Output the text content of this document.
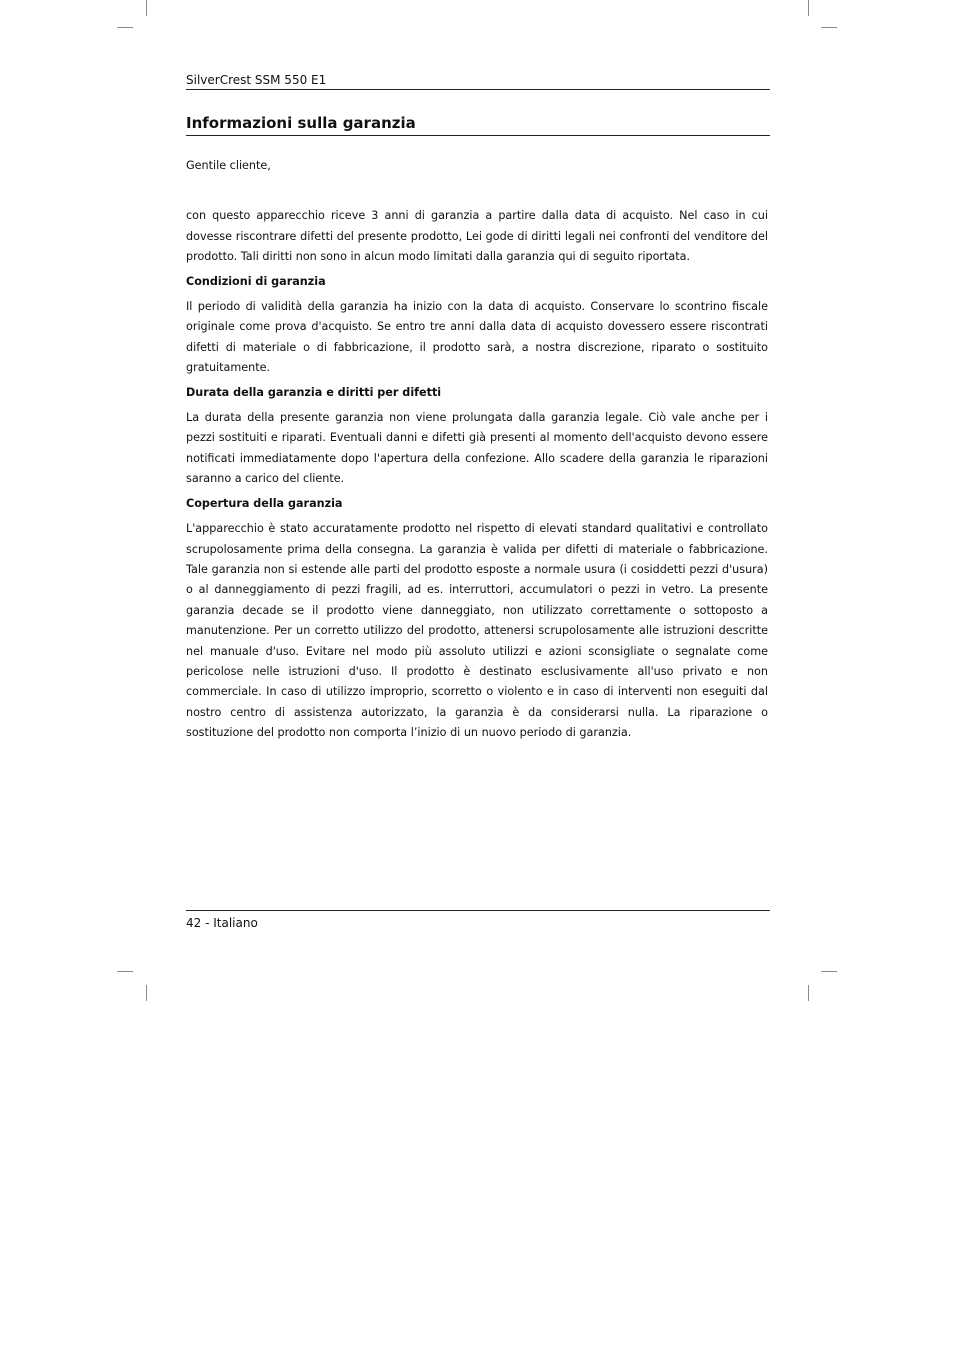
SilverCrest SSM 550 E1
Informazioni sulla garanzia

Gentile cliente,

con questo apparecchio riceve 3 anni di garanzia a partire dalla data di acquisto. Nel caso in cui dovesse riscontrare difetti del presente prodotto, Lei gode di diritti legali nei confronti del venditore del prodotto. Tali diritti non sono in alcun modo limitati dalla garanzia qui di seguito riportata.

Condizioni di garanzia

Il periodo di validità della garanzia ha inizio con la data di acquisto. Conservare lo scontrino fiscale originale come prova d'acquisto. Se entro tre anni dalla data di acquisto dovessero essere riscontrati difetti di materiale o di fabbricazione, il prodotto sarà, a nostra discrezione, riparato o sostituito gratuitamente.

Durata della garanzia e diritti per difetti

La durata della presente garanzia non viene prolungata dalla garanzia legale. Ciò vale anche per i pezzi sostituiti e riparati. Eventuali danni e difetti già presenti al momento dell'acquisto devono essere notificati immediatamente dopo l'apertura della confezione. Allo scadere della garanzia le riparazioni saranno a carico del cliente.

Copertura della garanzia

L'apparecchio è stato accuratamente prodotto nel rispetto di elevati standard qualitativi e controllato scrupolosamente prima della consegna. La garanzia è valida per difetti di materiale o fabbricazione. Tale garanzia non si estende alle parti del prodotto esposte a normale usura (i cosiddetti pezzi d'usura) o al danneggiamento di pezzi fragili, ad es. interruttori, accumulatori o pezzi in vetro. La presente garanzia decade se il prodotto viene danneggiato, non utilizzato correttamente o sottoposto a manutenzione. Per un corretto utilizzo del prodotto, attenersi scrupolosamente alle istruzioni descritte nel manuale d'uso. Evitare nel modo più assoluto utilizzi e azioni sconsigliate o segnalate come pericolose nelle istruzioni d'uso. Il prodotto è destinato esclusivamente all'uso privato e non commerciale. In caso di utilizzo improprio, scorretto o violento e in caso di interventi non eseguiti dal nostro centro di assistenza autorizzato, la garanzia è da considerarsi nulla. La riparazione o sostituzione del prodotto non comporta l’inizio di un nuovo periodo di garanzia.

42 - Italiano
